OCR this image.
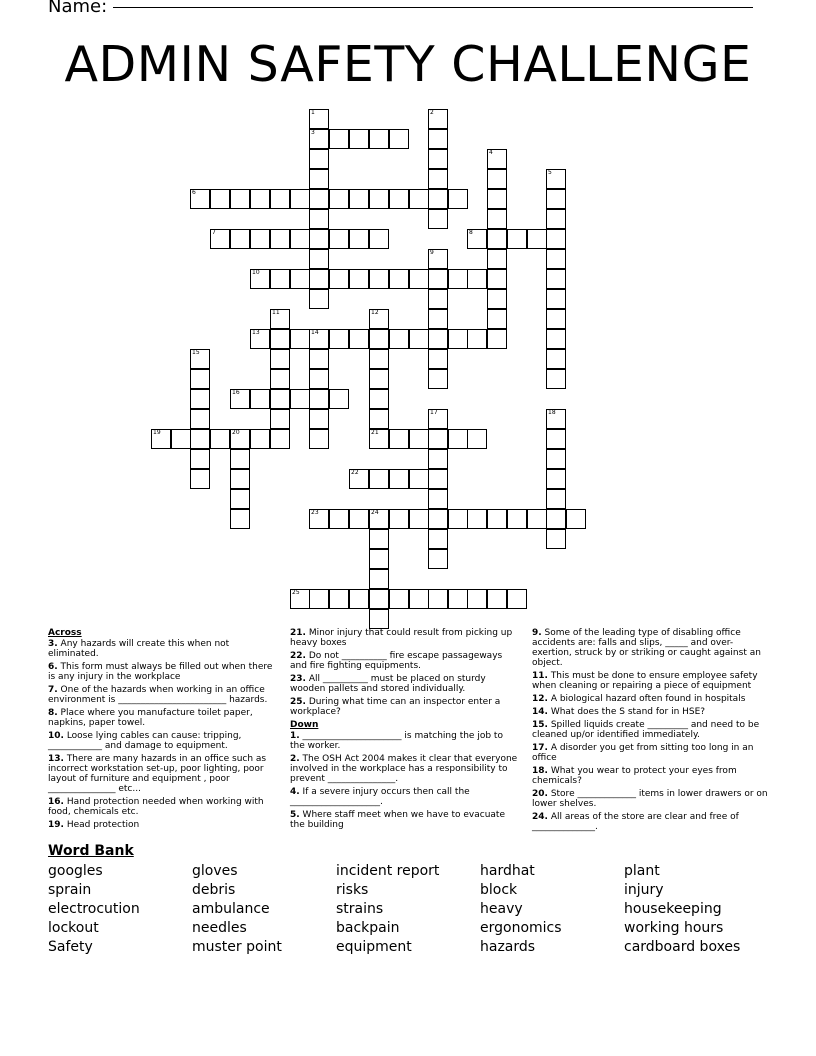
Name:
ADMIN SAFETY CHALLENGE
1
3
2
4
5
6
7	8
9
10
11	12
21
13	14
15
16
17	18
19	20
22
23	24
25
Across
3. Any hazards will create this when not eliminated.
6. This form must always be filled out when there is any injury in the workplace
7. One of the hazards when working in an office environment is ________________________ hazards.
8. Place where you manufacture toilet paper, napkins, paper towel.
10. Loose lying cables can cause: tripping, ____________ and damage to equipment.
13. There are many hazards in an office such as incorrect workstation set-up, poor lighting, poor layout of furniture and equipment , poor _______________ etc...
16. Hand protection needed when working with food, chemicals etc.
19. Head protection
21. Minor injury that could result from picking up heavy boxes
22. Do not __________ fire escape passageways and fire fighting equipments.
23. All __________ must be placed on sturdy wooden pallets and stored individually.
25. During what time can an inspector enter a workplace?
Down
1. ______________________ is matching the job to the worker.
2. The OSH Act 2004 makes it clear that everyone involved in the workplace has a responsibility to prevent _______________.
4. If a severe injury occurs then call the ____________________.
5. Where staff meet when we have to evacuate the building
9. Some of the leading type of disabling office accidents are: falls and slips, _____ and over-exertion, struck by or striking or caught against an object.
11. This must be done to ensure employee safety when cleaning or repairing a piece of equipment
12. A biological hazard often found in hospitals
14. What does the S stand for in HSE?
15. Spilled liquids create _________ and need to be cleaned up/or identified immediately.
17. A disorder you get from sitting too long in an office
18. What you wear to protect your eyes from chemicals?
20. Store _____________ items in lower drawers or on lower shelves.
24. All areas of the store are clear and free of ______________.
Word Bank
googles
sprain
electrocution
lockout
Safety
gloves
debris
ambulance
needles
muster point
incident report
risks
strains
backpain
equipment
hardhat
block
heavy
ergonomics
hazards
plant
injury
housekeeping
working hours
cardboard boxes
